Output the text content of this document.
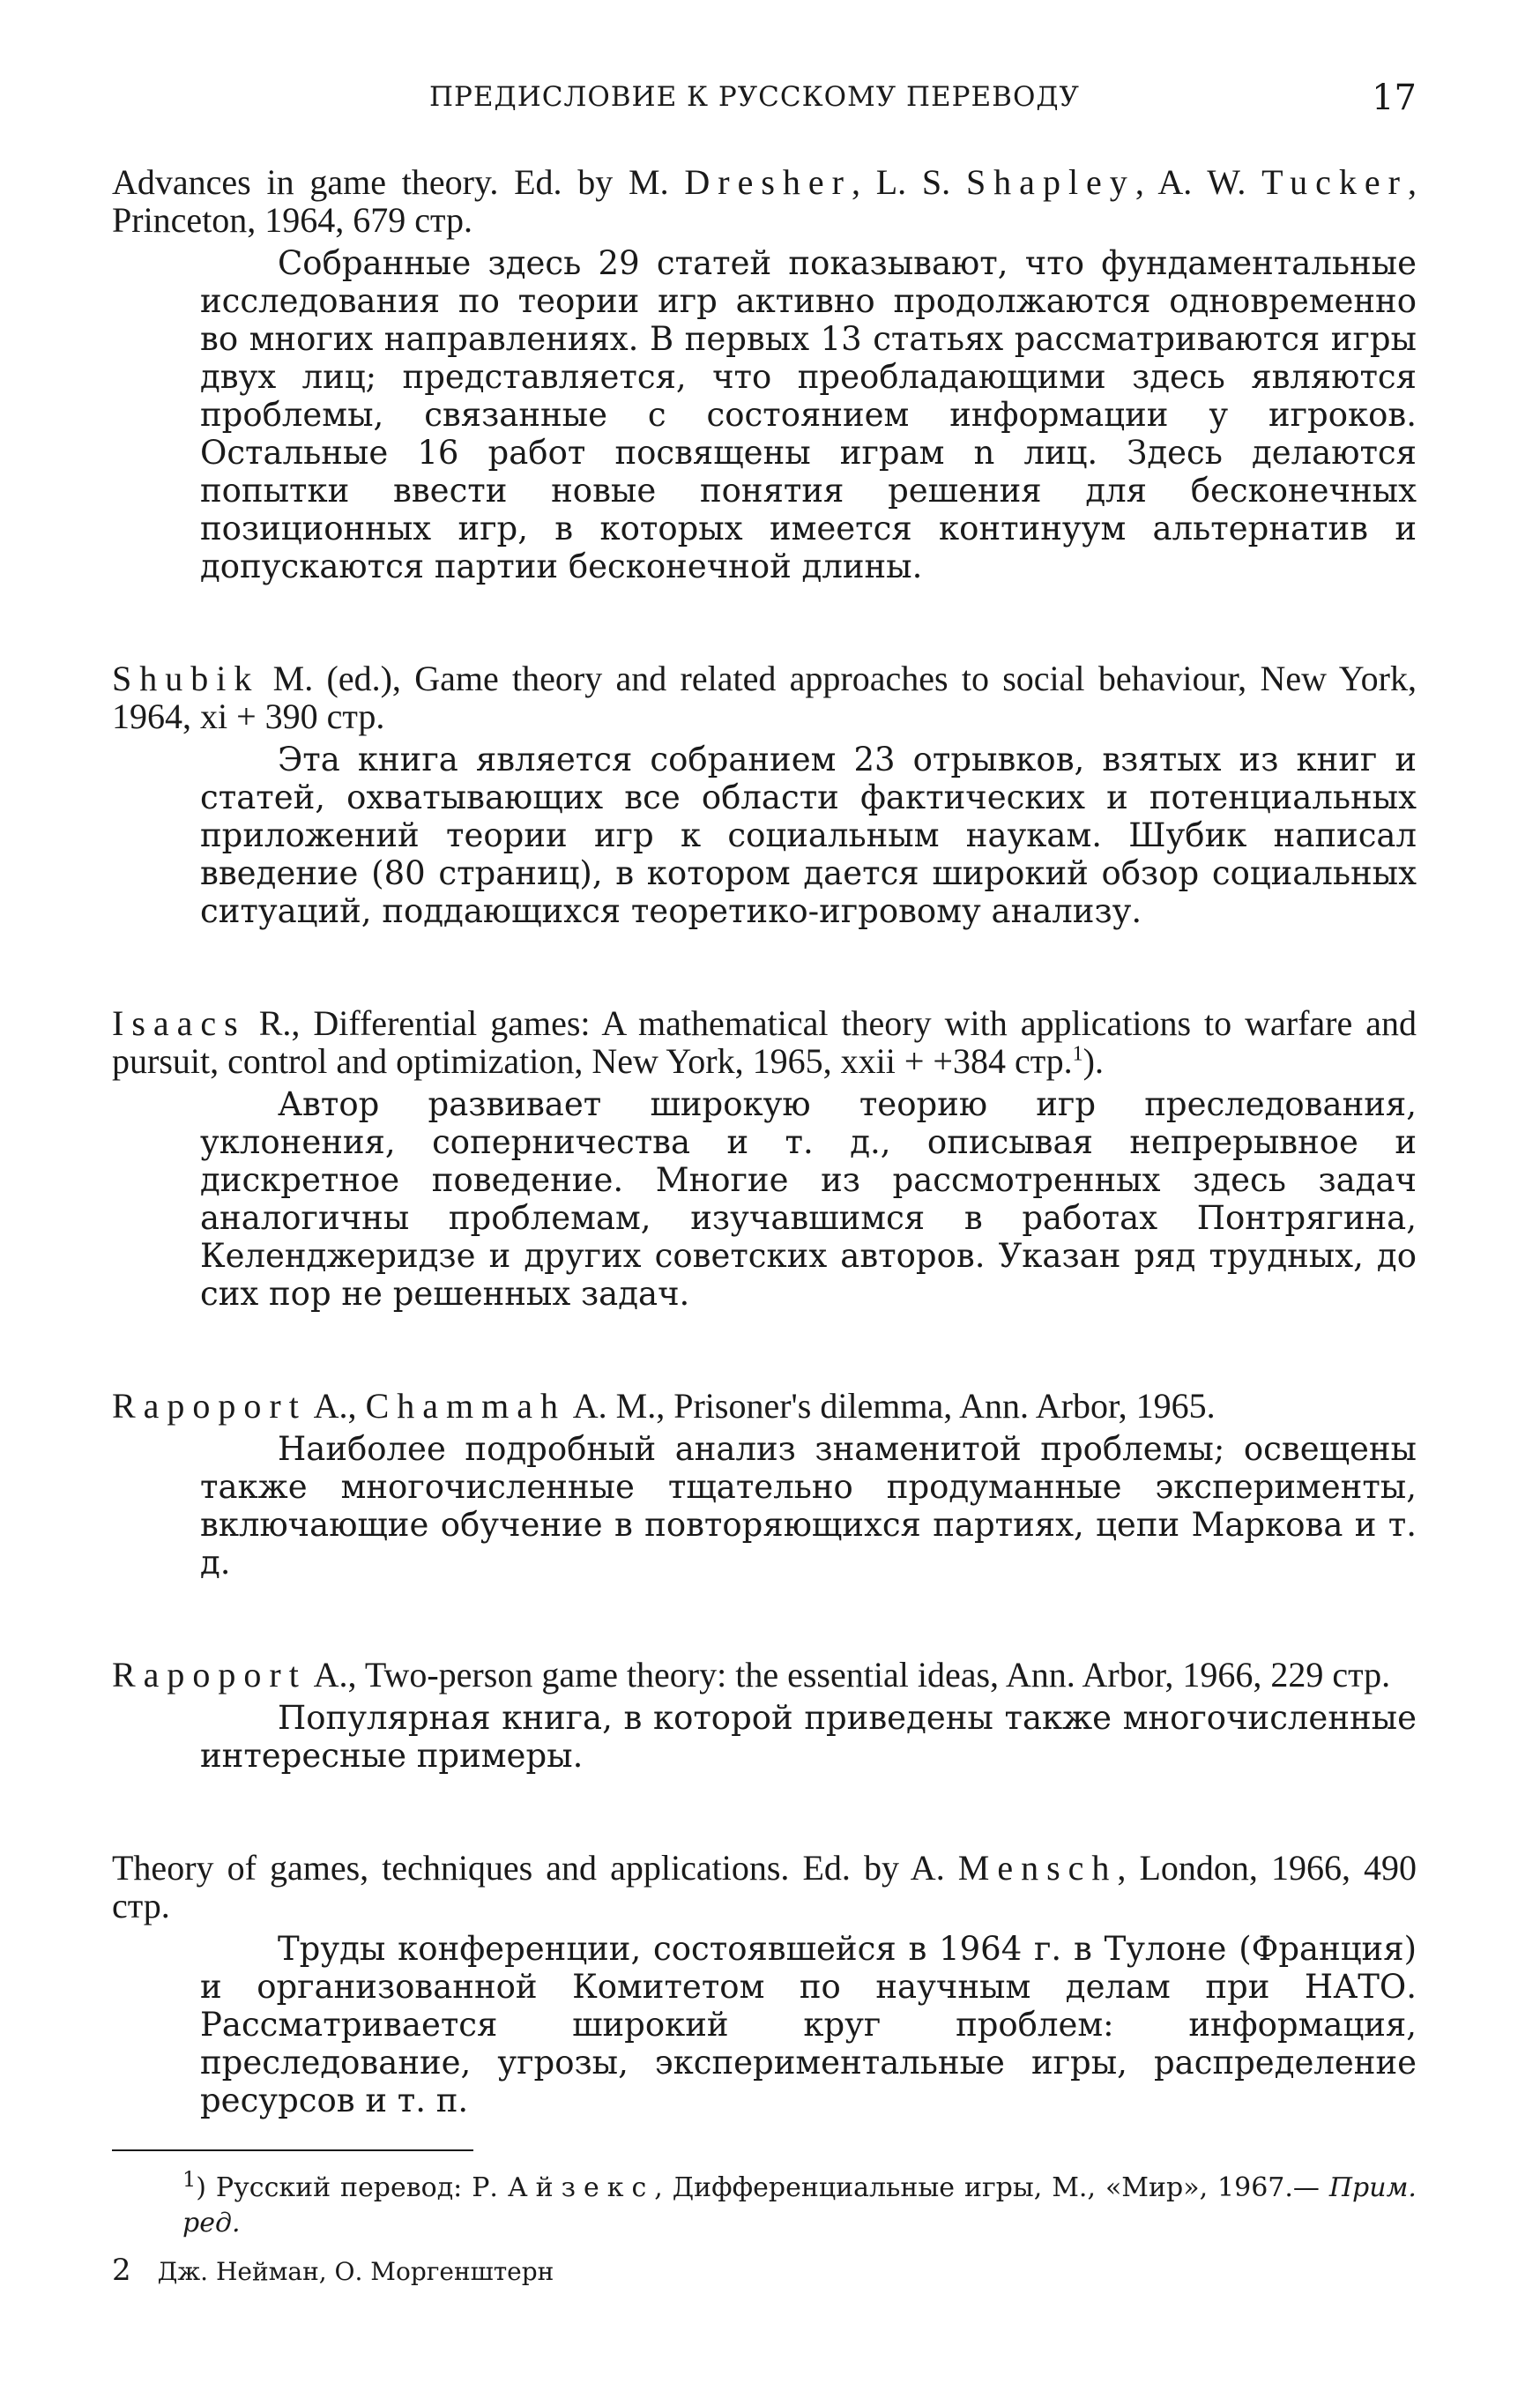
ПРЕДИСЛОВИЕ К РУССКОМУ ПЕРЕВОДУ	17

Advances in game theory. Ed. by M. Dresher, L. S. Shapley, A. W. Tucker, Princeton, 1964, 679 стр.

Собранные здесь 29 статей показывают, что фундаментальные исследования по теории игр активно продолжаются одновременно во многих направлениях. В первых 13 статьях рассматриваются игры двух лиц; представляется, что преобладающими здесь являются проблемы, связанные с состоянием информации у игроков. Остальные 16 работ посвящены играм n лиц. Здесь делаются попытки ввести новые понятия решения для бесконечных позиционных игр, в которых имеется континуум альтернатив и допускаются партии бесконечной длины.

Shubik M. (ed.), Game theory and related approaches to social behaviour, New York, 1964, xi + 390 стр.

Эта книга является собранием 23 отрывков, взятых из книг и статей, охватывающих все области фактических и потенциальных приложений теории игр к социальным наукам. Шубик написал введение (80 страниц), в котором дается широкий обзор социальных ситуаций, поддающихся теоретико-игровому анализу.

Isaacs R., Differential games: A mathematical theory with applications to warfare and pursuit, control and optimization, New York, 1965, xxii + +384 стр.$^1$).

Автор развивает широкую теорию игр преследования, уклонения, соперничества и т. д., описывая непрерывное и дискретное поведение. Многие из рассмотренных здесь задач аналогичны проблемам, изучавшимся в работах Понтрягина, Келенджеридзе и других советских авторов. Указан ряд трудных, до сих пор не решенных задач.

Rapoport A., Chammah A. M., Prisoner's dilemma, Ann. Arbor, 1965.

Наиболее подробный анализ знаменитой проблемы; освещены также многочисленные тщательно продуманные эксперименты, включающие обучение в повторяющихся партиях, цепи Маркова и т. д.

Rapoport A., Two-person game theory: the essential ideas, Ann. Arbor, 1966, 229 стр.

Популярная книга, в которой приведены также многочисленные интересные примеры.

Theory of games, techniques and applications. Ed. by A. Mensch, London, 1966, 490 стр.

Труды конференции, состоявшейся в 1964 г. в Тулоне (Франция) и организованной Комитетом по научным делам при НАТО. Рассматривается широкий круг проблем: информация, преследование, угрозы, экспериментальные игры, распределение ресурсов и т. п.

$^1$) Русский перевод: Р. Айзекс, Дифференциальные игры, М., «Мир», 1967.— Прим. ред.
2 Дж. Нейман, О. Моргенштерн
